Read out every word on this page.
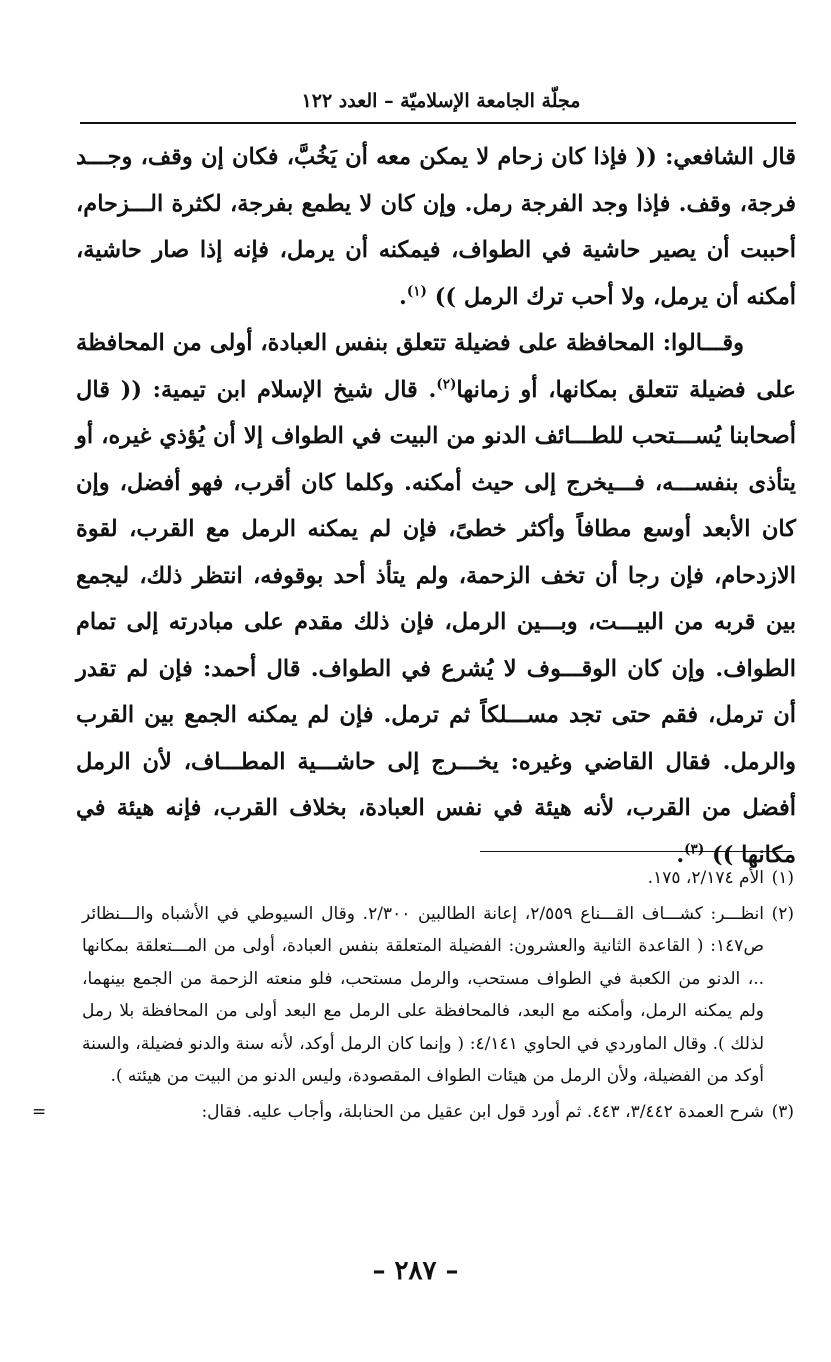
مجلّة الجامعة الإسلاميّة – العدد ١٢٢

قال الشافعي: (( فإذا كان زحام لا يمكن معه أن يَخُبَّ، فكان إن وقف، وجـــد فرجة، وقف. فإذا وجد الفرجة رمل. وإن كان لا يطمع بفرجة، لكثرة الـــزحام، أحببت أن يصير حاشية في الطواف، فيمكنه أن يرمل، فإنه إذا صار حاشية، أمكنه أن يرمل، ولا أحب ترك الرمل )) $^{(١)}$.

وقـــالوا: المحافظة على فضيلة تتعلق بنفس العبادة، أولى من المحافظة على فضيلة تتعلق بمكانها، أو زمانها$^{(٢)}$. قال شيخ الإسلام ابن تيمية: (( قال أصحابنا يُســـتحب للطـــائف الدنو من البيت في الطواف إلا أن يُؤذي غيره، أو يتأذى بنفســـه، فـــيخرج إلى حيث أمكنه. وكلما كان أقرب، فهو أفضل، وإن كان الأبعد أوسع مطافاً وأكثر خطىً، فإن لم يمكنه الرمل مع القرب، لقوة الازدحام، فإن رجا أن تخف الزحمة، ولم يتأذ أحد بوقوفه، انتظر ذلك، ليجمع بين قربه من البيـــت، وبـــين الرمل، فإن ذلك مقدم على مبادرته إلى تمام الطواف. وإن كان الوقـــوف لا يُشرع في الطواف. قال أحمد: فإن لم تقدر أن ترمل، فقم حتى تجد مســـلكاً ثم ترمل. فإن لم يمكنه الجمع بين القرب والرمل. فقال القاضي وغيره: يخـــرج إلى حاشـــية المطـــاف، لأن الرمل أفضل من القرب، لأنه هيئة في نفس العبادة، بخلاف القرب، فإنه هيئة في مكانها )) $^{(٣)}$.

(١)
الأم ٢/١٧٤، ١٧٥.
(٢)
انظـــر: كشـــاف القـــناع ٢/٥٥٩، إعانة الطالبين ٢/٣٠٠. وقال السيوطي في الأشباه والـــنظائر ص١٤٧: ( القاعدة الثانية والعشرون: الفضيلة المتعلقة بنفس العبادة، أولى من المـــتعلقة بمكانها ..، الدنو من الكعبة في الطواف مستحب، والرمل مستحب، فلو منعته الزحمة من الجمع بينهما، ولم يمكنه الرمل، وأمكنه مع البعد، فالمحافظة على الرمل مع البعد أولى من المحافظة بلا رمل لذلك ). وقال الماوردي في الحاوي ٤/١٤١: ( وإنما كان الرمل أوكد، لأنه سنة والدنو فضيلة، والسنة أوكد من الفضيلة، ولأن الرمل من هيئات الطواف المقصودة، وليس الدنو من البيت من هيئته ).
(٣)
شرح العمدة ٣/٤٤٢، ٤٤٣. ثم أورد قول ابن عقيل من الحنابلة، وأجاب عليه. فقال:
=
– ٢٨٧ –
